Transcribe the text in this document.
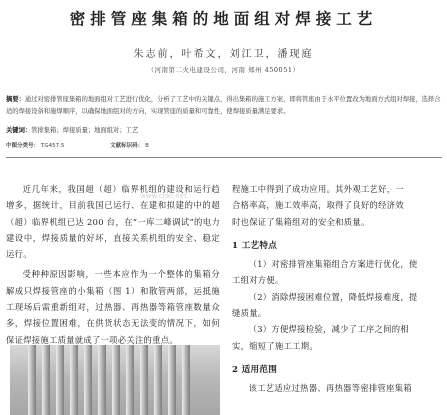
密排管座集箱的地面组对焊接工艺
朱志前，叶希文，刘江卫，潘现庭
（河南第二火电建设公司，河南 郑州 450051）
摘要：通过对密排管座集箱的地面组对工艺进行优化，分析了工艺中的关键点，得出集箱的施工方案，即将管座由于水平位置改为地面方式组对焊接，选择合适的焊接设备和施焊顺序，以确保地面组对的方向，实现管座的质量和可靠性，使焊接质量满足要求。
关键词：管排集箱；焊接质量；地面组对；工艺
中图分类号： TG457.5	文献标识码： B

近几年来，我国超（超）临界机组的建设和运行趋增多，据统计，目前我国已运行、在建和拟建的中的超（超）临界机组已达 200 台，在“一库二峰调试”的电力建设中，焊接质量的好坏，直接关系机组的安全、稳定运行。

受种种原因影响，一些本应作为一个整体的集箱分解成只焊接管座的小集箱（图 1）和散管两部，运抵施工现场后需重新组对，过热器、再热器等箱管座数量众多，焊接位置困难，在供货状态无法变的情况下，如何保证焊接施工质量就成了一项必关注的重点。

www.cnki.net

程施工中得到了成功应用。其外观工艺好，一

合格率高，施工效率高，取得了良好的经济效

时也保证了集箱组对的安全和质量。

1 工艺特点

（1）对密排管座集箱组合方案进行优化，使

工组对方便。

（2）消除焊接困难位置，降低焊接难度，提

缝质量。

（3）方便焊接检验，减少了工序之间的相

实，缩短了施工工期。

2 适用范围

该工艺适应过热器、再热器等密排管座集箱
